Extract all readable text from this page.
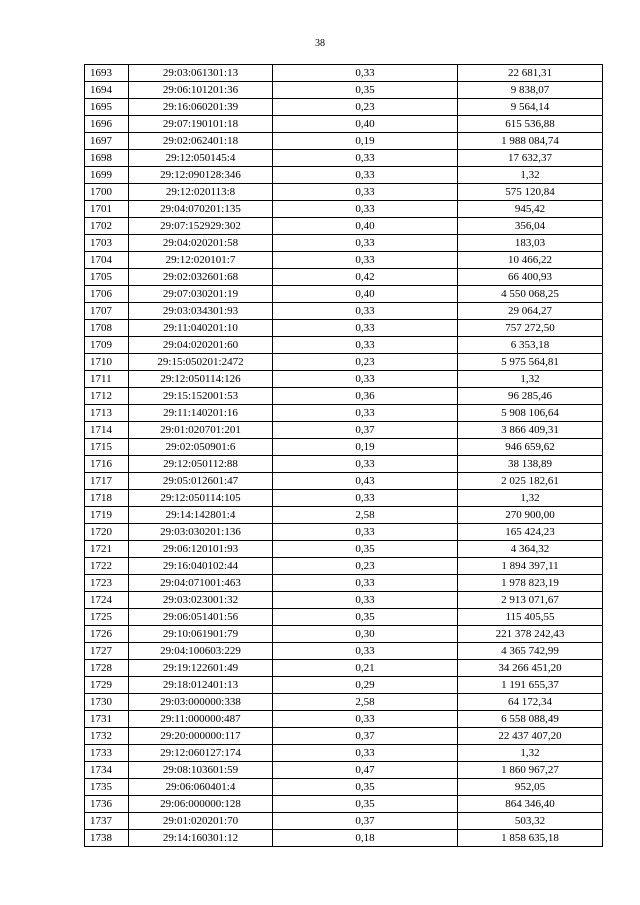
38
1693	29:03:061301:13	0,33	22 681,31
1694	29:06:101201:36	0,35	9 838,07
1695	29:16:060201:39	0,23	9 564,14
1696	29:07:190101:18	0,40	615 536,88
1697	29:02:062401:18	0,19	1 988 084,74
1698	29:12:050145:4	0,33	17 632,37
1699	29:12:090128:346	0,33	1,32
1700	29:12:020113:8	0,33	575 120,84
1701	29:04:070201:135	0,33	945,42
1702	29:07:152929:302	0,40	356,04
1703	29:04:020201:58	0,33	183,03
1704	29:12:020101:7	0,33	10 466,22
1705	29:02:032601:68	0,42	66 400,93
1706	29:07:030201:19	0,40	4 550 068,25
1707	29:03:034301:93	0,33	29 064,27
1708	29:11:040201:10	0,33	757 272,50
1709	29:04:020201:60	0,33	6 353,18
1710	29:15:050201:2472	0,23	5 975 564,81
1711	29:12:050114:126	0,33	1,32
1712	29:15:152001:53	0,36	96 285,46
1713	29:11:140201:16	0,33	5 908 106,64
1714	29:01:020701:201	0,37	3 866 409,31
1715	29:02:050901:6	0,19	946 659,62
1716	29:12:050112:88	0,33	38 138,89
1717	29:05:012601:47	0,43	2 025 182,61
1718	29:12:050114:105	0,33	1,32
1719	29:14:142801:4	2,58	270 900,00
1720	29:03:030201:136	0,33	165 424,23
1721	29:06:120101:93	0,35	4 364,32
1722	29:16:040102:44	0,23	1 894 397,11
1723	29:04:071001:463	0,33	1 978 823,19
1724	29:03:023001:32	0,33	2 913 071,67
1725	29:06:051401:56	0,35	115 405,55
1726	29:10:061901:79	0,30	221 378 242,43
1727	29:04:100603:229	0,33	4 365 742,99
1728	29:19:122601:49	0,21	34 266 451,20
1729	29:18:012401:13	0,29	1 191 655,37
1730	29:03:000000:338	2,58	64 172,34
1731	29:11:000000:487	0,33	6 558 088,49
1732	29:20:000000:117	0,37	22 437 407,20
1733	29:12:060127:174	0,33	1,32
1734	29:08:103601:59	0,47	1 860 967,27
1735	29:06:060401:4	0,35	952,05
1736	29:06:000000:128	0,35	864 346,40
1737	29:01:020201:70	0,37	503,32
1738	29:14:160301:12	0,18	1 858 635,18
